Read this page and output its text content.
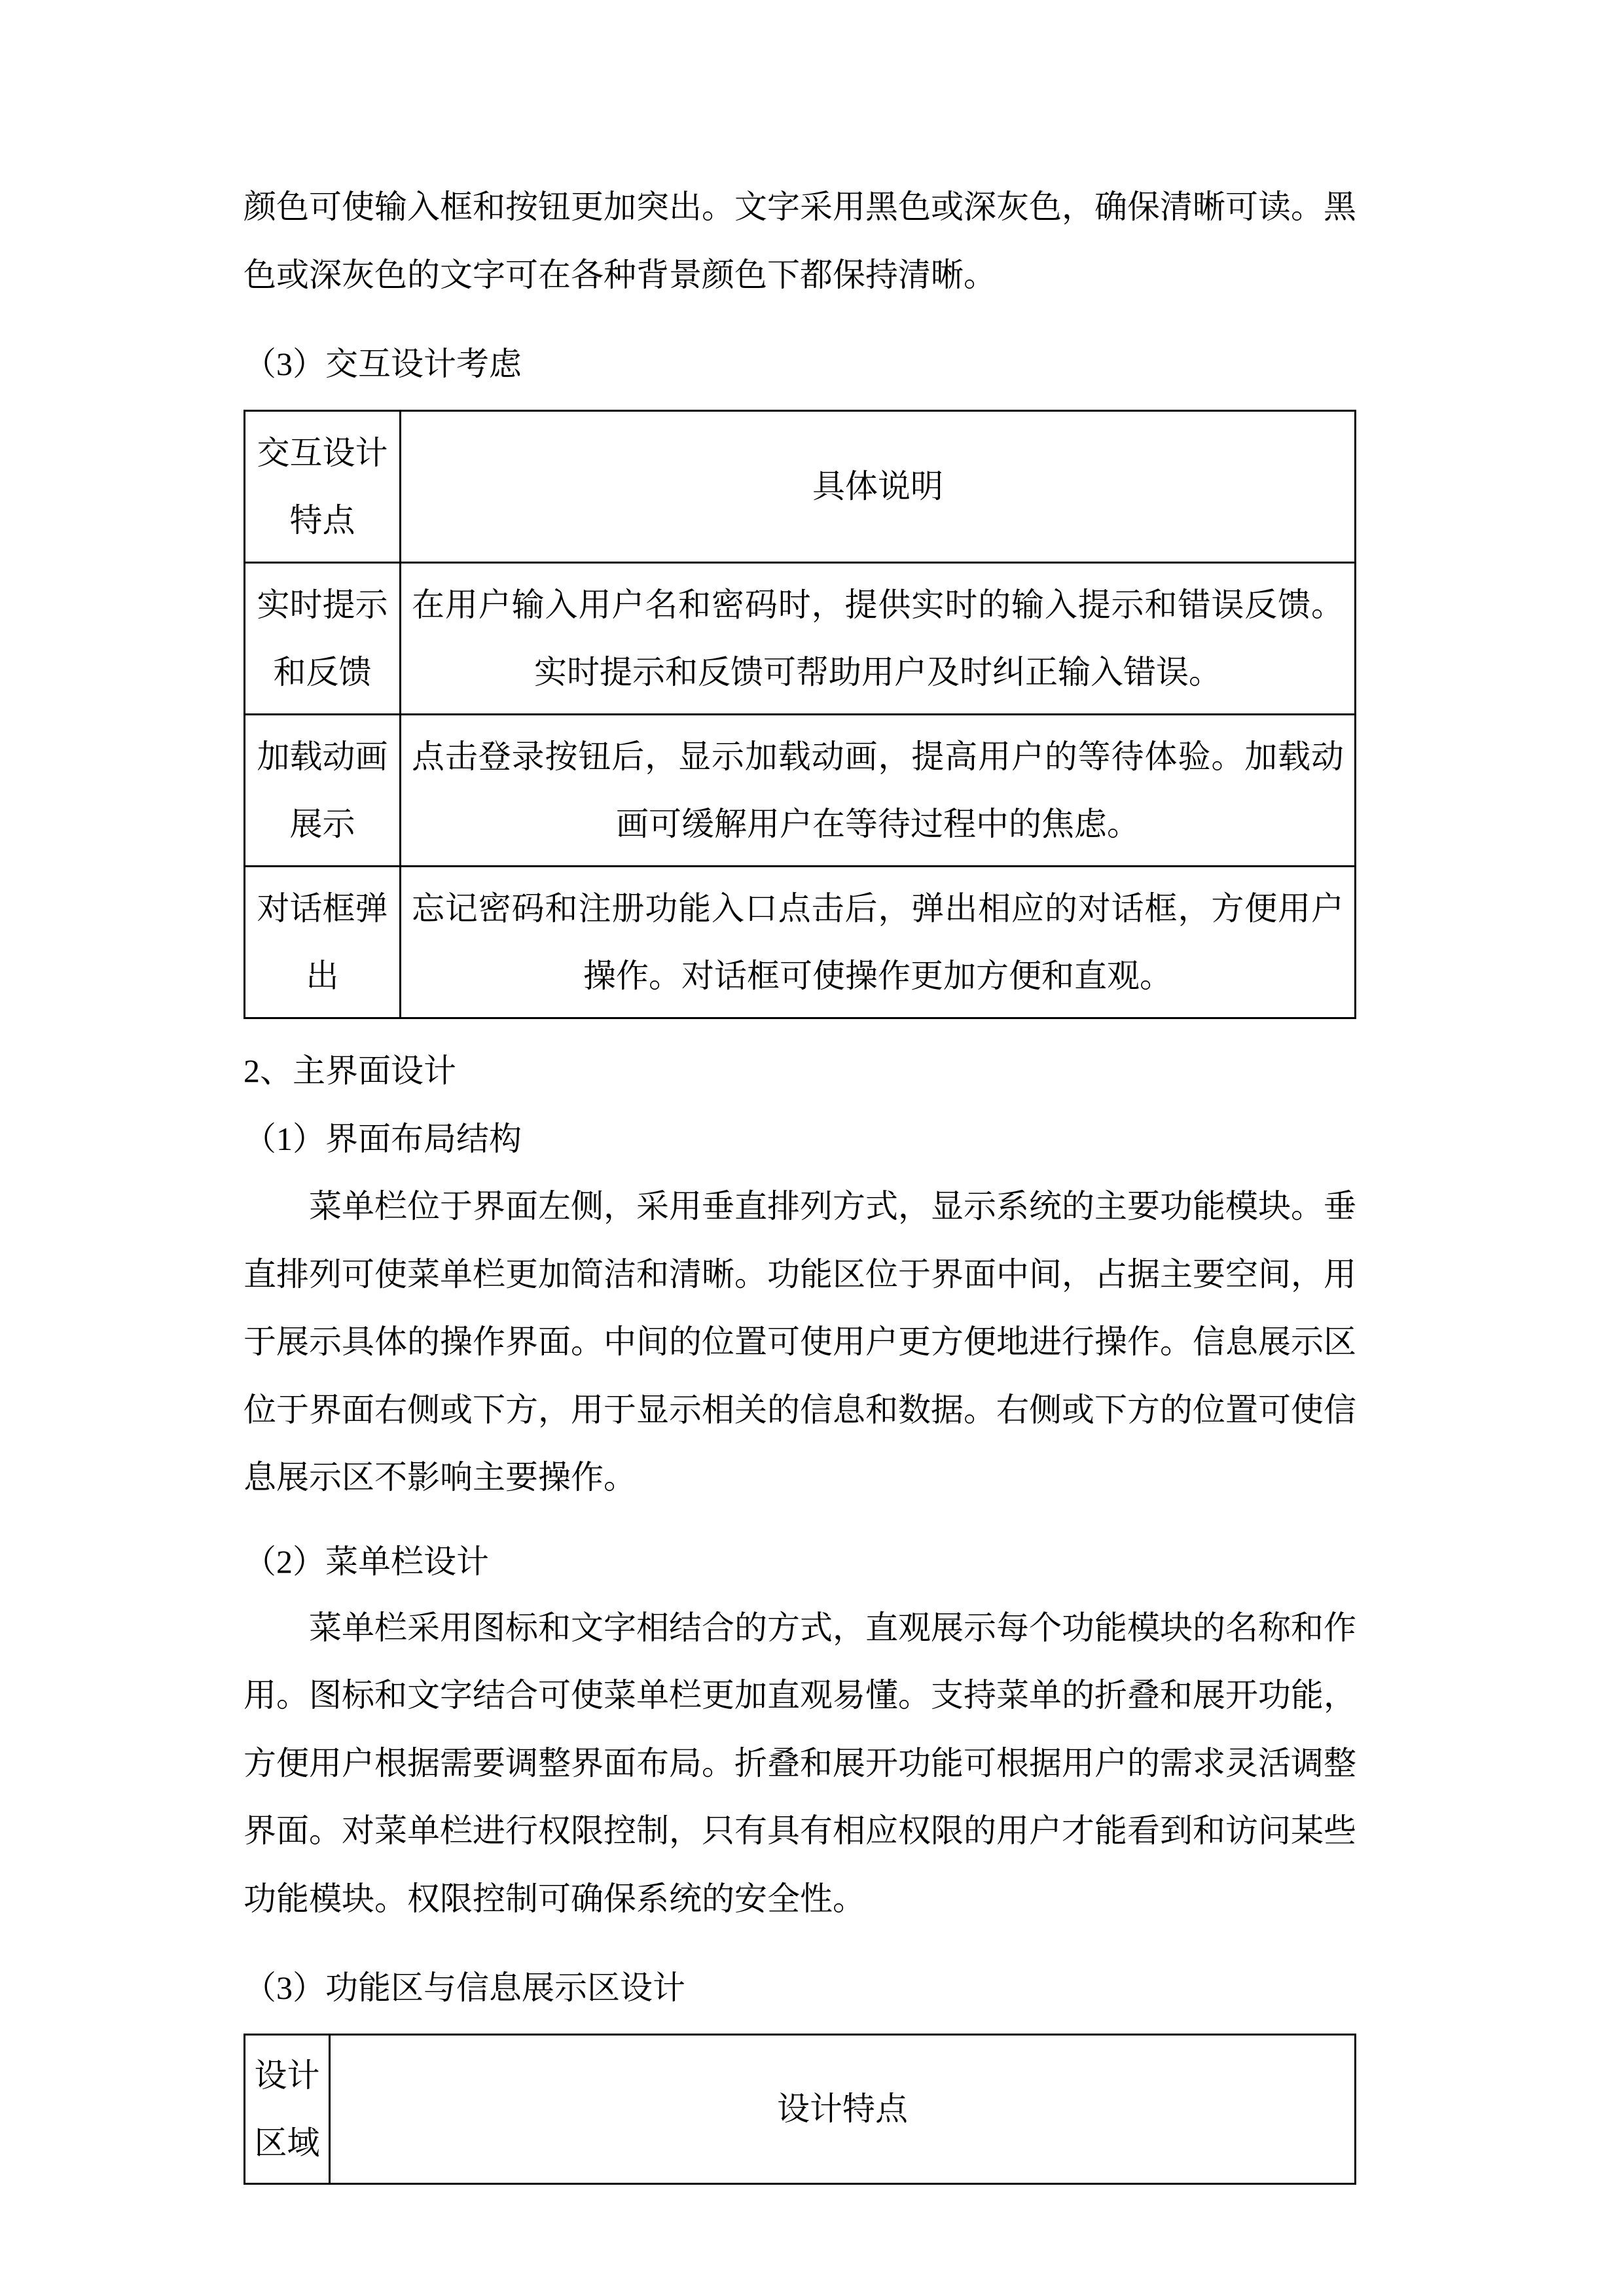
颜色可使输入框和按钮更加突出。文字采用黑色或深灰色，确保清晰可读。黑色或深灰色的文字可在各种背景颜色下都保持清晰。

（3）交互设计考虑

交互设计特点	具体说明
实时提示和反馈	在用户输入用户名和密码时，提供实时的输入提示和错误反馈。实时提示和反馈可帮助用户及时纠正输入错误。
加载动画展示	点击登录按钮后，显示加载动画，提高用户的等待体验。加载动画可缓解用户在等待过程中的焦虑。
对话框弹出	忘记密码和注册功能入口点击后，弹出相应的对话框，方便用户操作。对话框可使操作更加方便和直观。

2、主界面设计

（1）界面布局结构

菜单栏位于界面左侧，采用垂直排列方式，显示系统的主要功能模块。垂直排列可使菜单栏更加简洁和清晰。功能区位于界面中间，占据主要空间，用于展示具体的操作界面。中间的位置可使用户更方便地进行操作。信息展示区位于界面右侧或下方，用于显示相关的信息和数据。右侧或下方的位置可使信息展示区不影响主要操作。

（2）菜单栏设计

菜单栏采用图标和文字相结合的方式，直观展示每个功能模块的名称和作用。图标和文字结合可使菜单栏更加直观易懂。支持菜单的折叠和展开功能，方便用户根据需要调整界面布局。折叠和展开功能可根据用户的需求灵活调整界面。对菜单栏进行权限控制，只有具有相应权限的用户才能看到和访问某些功能模块。权限控制可确保系统的安全性。

（3）功能区与信息展示区设计

设计区域	设计特点
